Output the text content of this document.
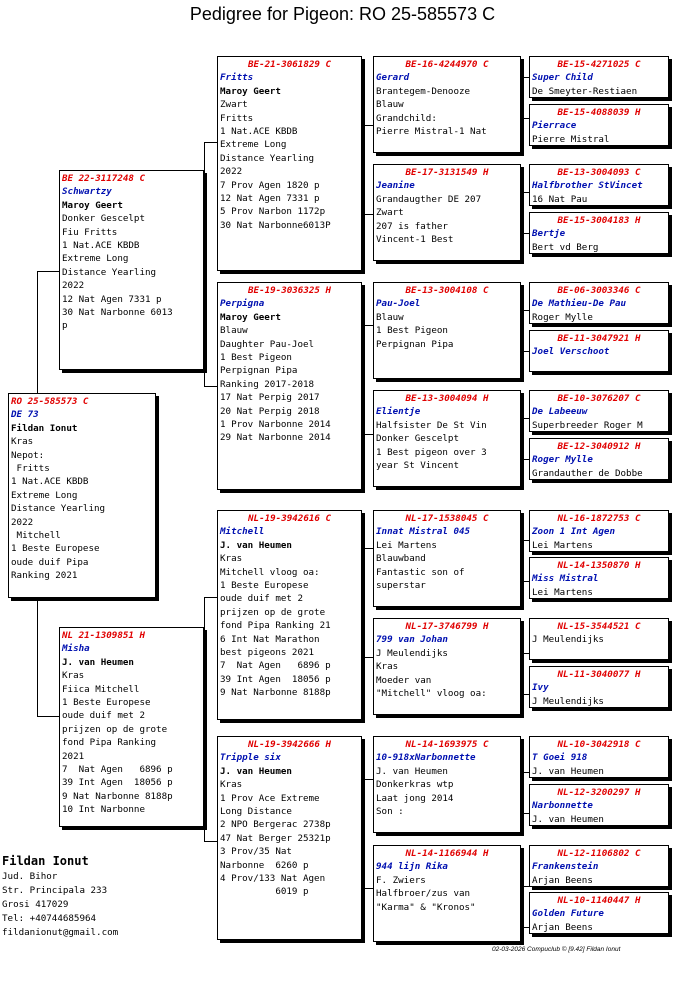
Pedigree for Pigeon: RO 25-585573 C
RO 25-585573 C
DE 73
Fildan Ionut
Kras
Nepot:
Fritts
1 Nat.ACE KBDB
Extreme Long
Distance Yearling
2022
Mitchell
1 Beste Europese
oude duif Pipa
Ranking 2021
BE 22-3117248 C
Schwartzy
Maroy Geert
Donker Gescelpt
Fiu Fritts
1 Nat.ACE KBDB
Extreme Long
Distance Yearling
2022
12 Nat Agen 7331 p
30 Nat Narbonne 6013
p
NL 21-1309851 H
Misha
J. van Heumen
Kras
Fiica Mitchell
1 Beste Europese
oude duif met 2
prijzen op de grote
fond Pipa Ranking
2021
7  Nat Agen   6896 p
39 Int Agen  18056 p
9 Nat Narbonne 8188p
10 Int Narbonne
BE-21-3061829 C
Fritts
Maroy Geert
Zwart
Fritts
1 Nat.ACE KBDB
Extreme Long
Distance Yearling
2022
7 Prov Agen 1820 p
12 Nat Agen 7331 p
5 Prov Narbon 1172p
30 Nat Narbonne6013P
BE-19-3036325 H
Perpigna
Maroy Geert
Blauw
Daughter Pau-Joel
1 Best Pigeon
Perpignan Pipa
Ranking 2017-2018
17 Nat Perpig 2017
20 Nat Perpig 2018
1 Prov Narbonne 2014
29 Nat Narbonne 2014
NL-19-3942616 C
Mitchell
J. van Heumen
Kras
Mitchell vloog oa:
1 Beste Europese
oude duif met 2
prijzen op de grote
fond Pipa Ranking 21
6 Int Nat Marathon
best pigeons 2021
7  Nat Agen   6896 p
39 Int Agen  18056 p
9 Nat Narbonne 8188p
NL-19-3942666 H
Tripple six
J. van Heumen
Kras
1 Prov Ace Extreme
Long Distance
2 NPO Bergerac 2738p
47 Nat Berger 25321p
3 Prov/35 Nat
Narbonne  6260 p
4 Prov/133 Nat Agen
6019 p
BE-16-4244970 C
Gerard
Brantegem-Denooze
Blauw
Grandchild:
Pierre Mistral-1 Nat
BE-17-3131549 H
Jeanine
Grandaugther DE 207
Zwart
207 is father
Vincent-1 Best
BE-13-3004108 C
Pau-Joel
Blauw
1 Best Pigeon
Perpignan Pipa
BE-13-3004094 H
Elientje
Halfsister De St Vin
Donker Gescelpt
1 Best pigeon over 3
year St Vincent
NL-17-1538045 C
Innat Mistral 045
Lei Martens
Blauwband
Fantastic son of
superstar
NL-17-3746799 H
799 van Johan
J Meulendijks
Kras
Moeder van
"Mitchell" vloog oa:
NL-14-1693975 C
10-918xNarbonnette
J. van Heumen
Donkerkras wtp
Laat jong 2014
Son :
NL-14-1166944 H
944 lijn Rika
F. Zwiers
Halfbroer/zus van
"Karma" & "Kronos"
BE-15-4271025 C
Super Child
De Smeyter-Restiaen
BE-15-4088039 H
Pierrace
Pierre Mistral
BE-13-3004093 C
Halfbrother StVincet
16 Nat Pau
BE-15-3004183 H
Bertje
Bert vd Berg
BE-06-3003346 C
De Mathieu-De Pau
Roger Mylle
BE-11-3047921 H
Joel Verschoot
BE-10-3076207 C
De Labeeuw
Superbreeder Roger M
BE-12-3040912 H
Roger Mylle
Grandauther de Dobbe
NL-16-1872753 C
Zoon 1 Int Agen
Lei Martens
NL-14-1350870 H
Miss Mistral
Lei Martens
NL-15-3544521 C
J Meulendijks
NL-11-3040077 H
Ivy
J Meulendijks
NL-10-3042918 C
T Goei 918
J. van Heumen
NL-12-3200297 H
Narbonnette
J. van Heumen
NL-12-1106802 C
Frankenstein
Arjan Beens
NL-10-1140447 H
Golden Future
Arjan Beens
Fildan Ionut
Jud. Bihor
Str. Principala 233
Grosi 417029
Tel: +40744685964
fildanionut@gmail.com
02-03-2026 Compuclub © [9.42] Fildan Ionut
